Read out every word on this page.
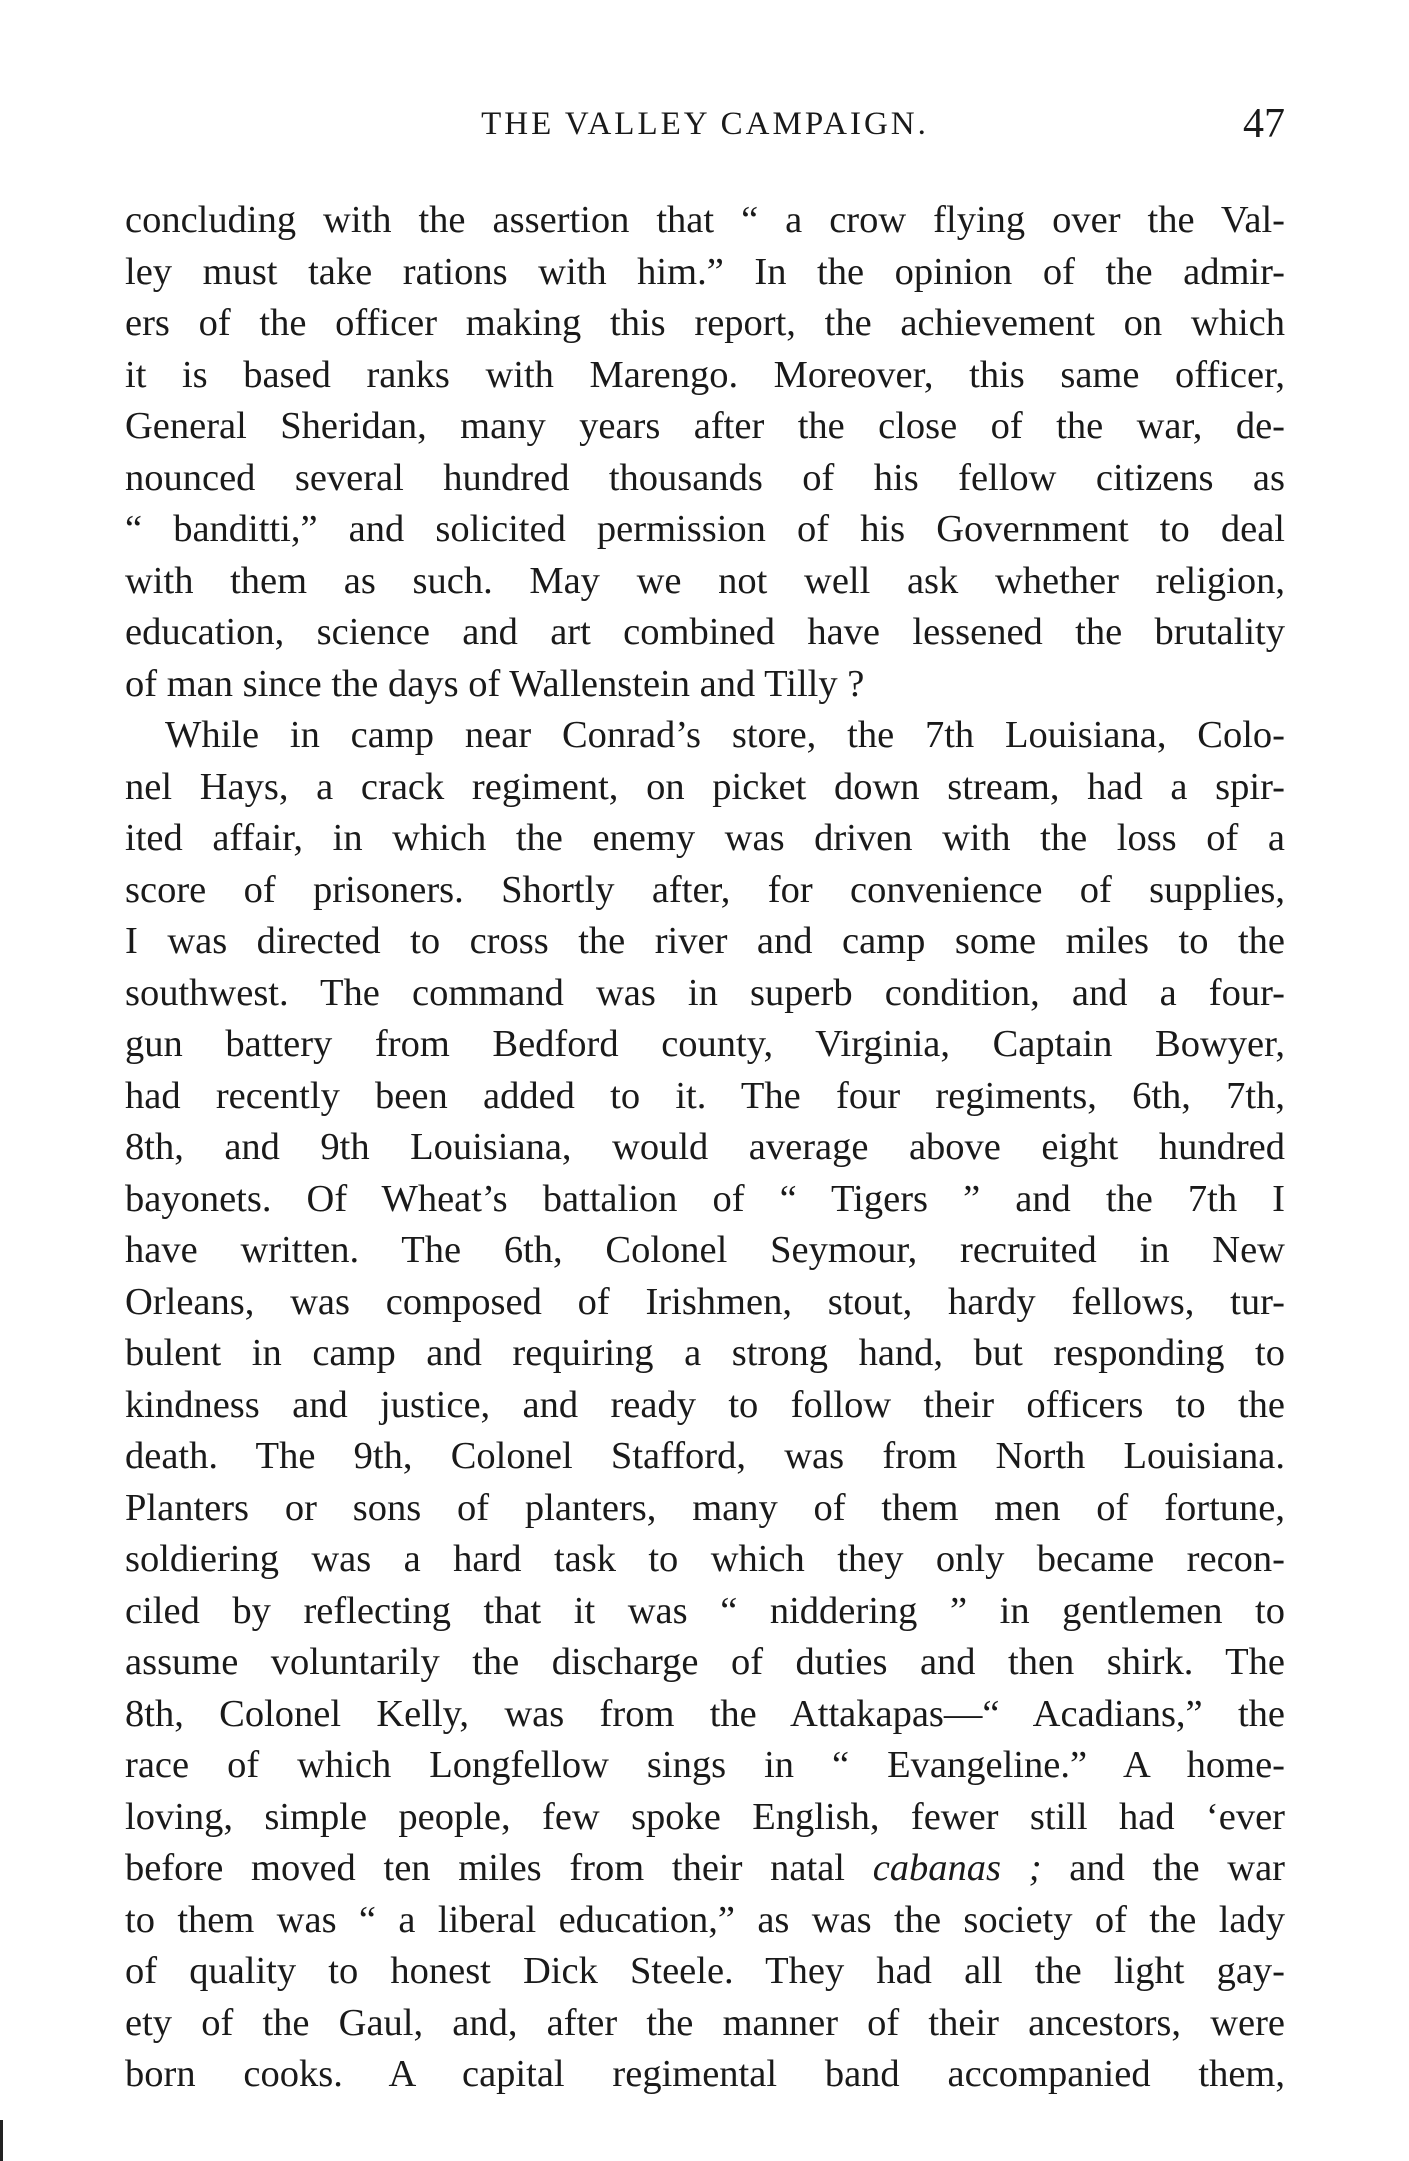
THE VALLEY CAMPAIGN.	47
concluding with the assertion that “ a crow flying over the Val-
ley must take rations with him.” In the opinion of the admir-
ers of the officer making this report, the achievement on which
it is based ranks with Marengo. Moreover, this same officer,
General Sheridan, many years after the close of the war, de-
nounced several hundred thousands of his fellow citizens as
“ banditti,” and solicited permission of his Government to deal
with them as such. May we not well ask whether religion,
education, science and art combined have lessened the brutality
of man since the days of Wallenstein and Tilly ?
While in camp near Conrad’s store, the 7th Louisiana, Colo-
nel Hays, a crack regiment, on picket down stream, had a spir-
ited affair, in which the enemy was driven with the loss of a
score of prisoners. Shortly after, for convenience of supplies,
I was directed to cross the river and camp some miles to the
southwest. The command was in superb condition, and a four-
gun battery from Bedford county, Virginia, Captain Bowyer,
had recently been added to it. The four regiments, 6th, 7th,
8th, and 9th Louisiana, would average above eight hundred
bayonets. Of Wheat’s battalion of “ Tigers ” and the 7th I
have written. The 6th, Colonel Seymour, recruited in New
Orleans, was composed of Irishmen, stout, hardy fellows, tur-
bulent in camp and requiring a strong hand, but responding to
kindness and justice, and ready to follow their officers to the
death. The 9th, Colonel Stafford, was from North Louisiana.
Planters or sons of planters, many of them men of fortune,
soldiering was a hard task to which they only became recon-
ciled by reflecting that it was “ niddering ” in gentlemen to
assume voluntarily the discharge of duties and then shirk. The
8th, Colonel Kelly, was from the Attakapas—“ Acadians,” the
race of which Longfellow sings in “ Evangeline.” A home-
loving, simple people, few spoke English, fewer still had ‘ever
before moved ten miles from their natal cabanas ; and the war
to them was “ a liberal education,” as was the society of the lady
of quality to honest Dick Steele. They had all the light gay-
ety of the Gaul, and, after the manner of their ancestors, were
born cooks. A capital regimental band accompanied them,
